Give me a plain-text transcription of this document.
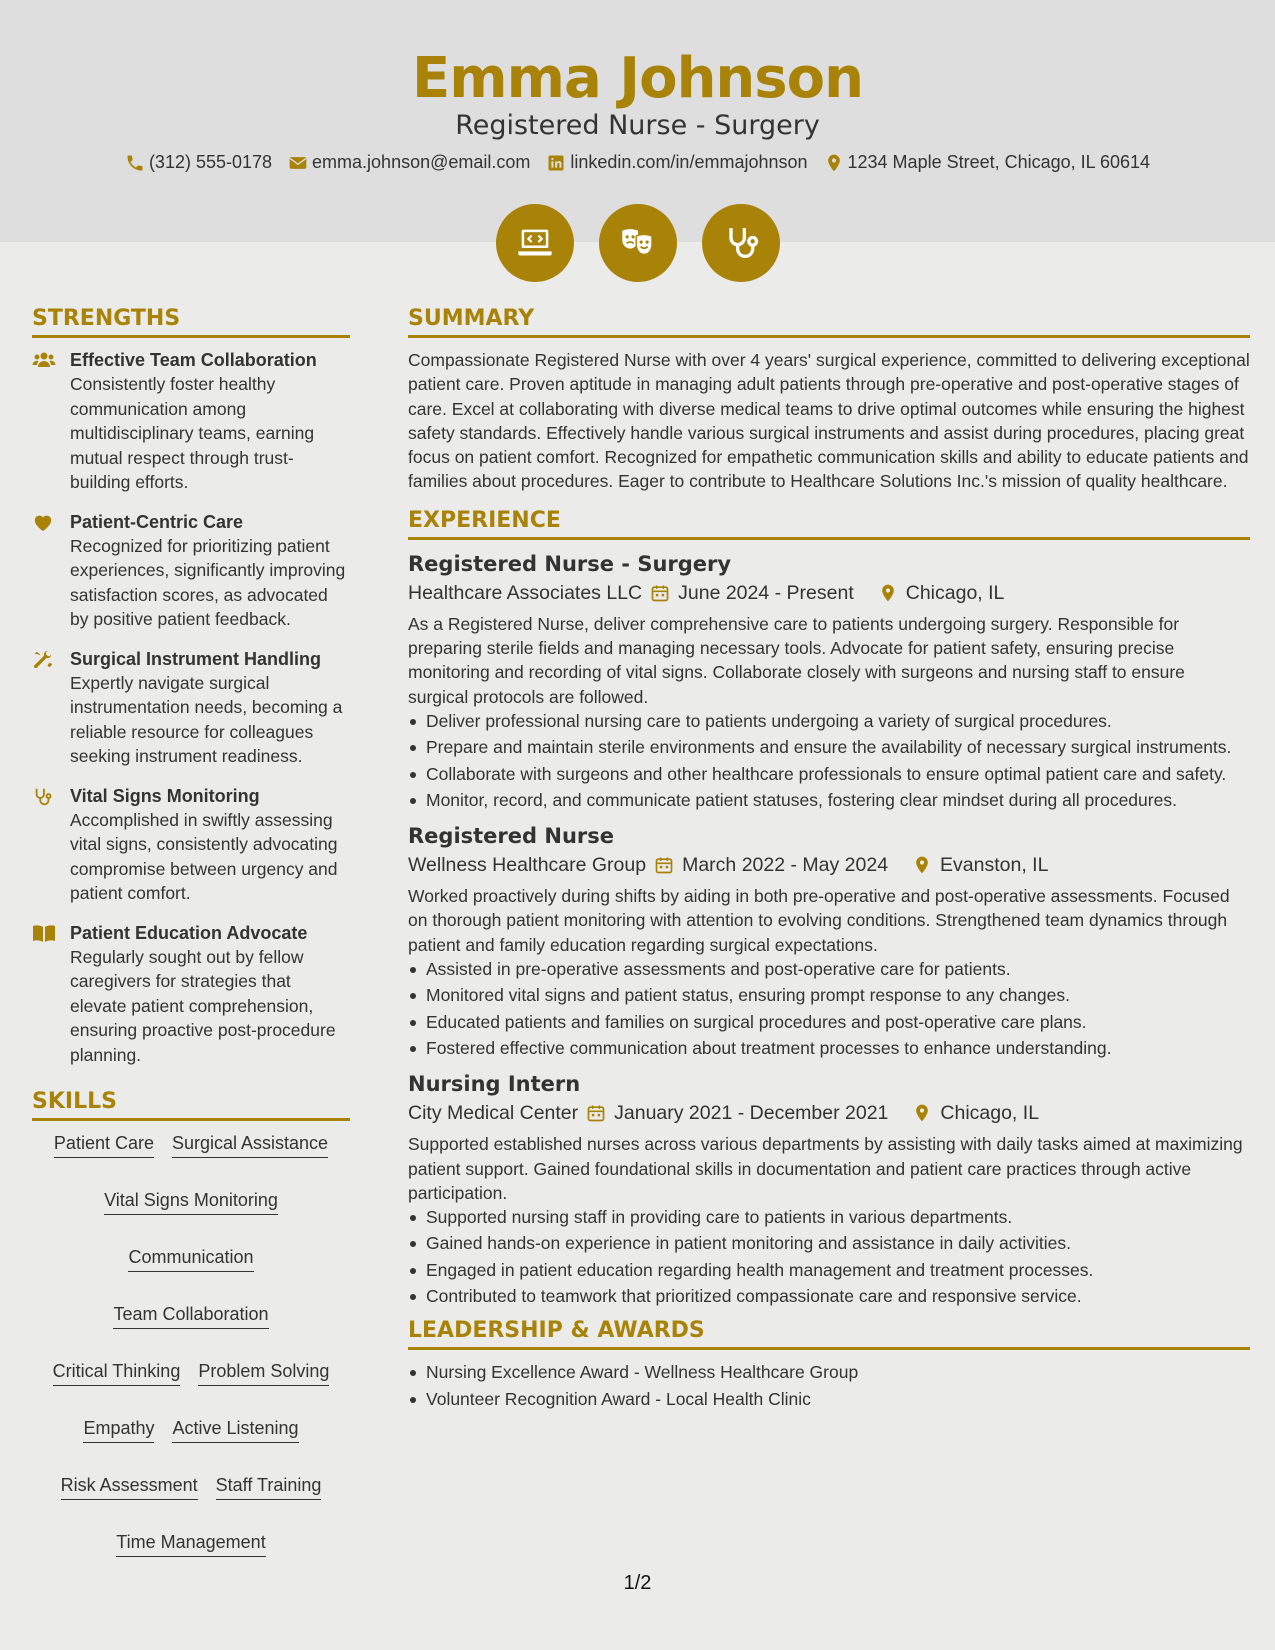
Emma Johnson
Registered Nurse - Surgery
(312) 555-0178 emma.johnson@email.com linkedin.com/in/emmajohnson 1234 Maple Street, Chicago, IL 60614
STRENGTHS
Effective Team Collaboration
Consistently foster healthy communication among multidisciplinary teams, earning mutual respect through trust-building efforts.
Patient-Centric Care
Recognized for prioritizing patient experiences, significantly improving satisfaction scores, as advocated by positive patient feedback.
Surgical Instrument Handling
Expertly navigate surgical instrumentation needs, becoming a reliable resource for colleagues seeking instrument readiness.
Vital Signs Monitoring
Accomplished in swiftly assessing vital signs, consistently advocating compromise between urgency and patient comfort.
Patient Education Advocate
Regularly sought out by fellow caregivers for strategies that elevate patient comprehension, ensuring proactive post-procedure planning.
SKILLS
Patient Care Surgical Assistance
Vital Signs Monitoring
Communication
Team Collaboration
Critical Thinking Problem Solving
Empathy Active Listening
Risk Assessment Staff Training
Time Management
SUMMARY

Compassionate Registered Nurse with over 4 years' surgical experience, committed to delivering exceptional patient care. Proven aptitude in managing adult patients through pre-operative and post-operative stages of care. Excel at collaborating with diverse medical teams to drive optimal outcomes while ensuring the highest safety standards. Effectively handle various surgical instruments and assist during procedures, placing great focus on patient comfort. Recognized for empathetic communication skills and ability to educate patients and families about procedures. Eager to contribute to Healthcare Solutions Inc.'s mission of quality healthcare.

EXPERIENCE
Registered Nurse - Surgery
Healthcare Associates LLC June 2024 - Present	Chicago, IL

As a Registered Nurse, deliver comprehensive care to patients undergoing surgery. Responsible for preparing sterile fields and managing necessary tools. Advocate for patient safety, ensuring precise monitoring and recording of vital signs. Collaborate closely with surgeons and nursing staff to ensure surgical protocols are followed.

Deliver professional nursing care to patients undergoing a variety of surgical procedures.
Prepare and maintain sterile environments and ensure the availability of necessary surgical instruments.
Collaborate with surgeons and other healthcare professionals to ensure optimal patient care and safety.
Monitor, record, and communicate patient statuses, fostering clear mindset during all procedures.
Registered Nurse
Wellness Healthcare Group March 2022 - May 2024	Evanston, IL

Worked proactively during shifts by aiding in both pre-operative and post-operative assessments. Focused on thorough patient monitoring with attention to evolving conditions. Strengthened team dynamics through patient and family education regarding surgical expectations.

Assisted in pre-operative assessments and post-operative care for patients.
Monitored vital signs and patient status, ensuring prompt response to any changes.
Educated patients and families on surgical procedures and post-operative care plans.
Fostered effective communication about treatment processes to enhance understanding.
Nursing Intern
City Medical Center January 2021 - December 2021	Chicago, IL

Supported established nurses across various departments by assisting with daily tasks aimed at maximizing patient support. Gained foundational skills in documentation and patient care practices through active participation.

Supported nursing staff in providing care to patients in various departments.
Gained hands-on experience in patient monitoring and assistance in daily activities.
Engaged in patient education regarding health management and treatment processes.
Contributed to teamwork that prioritized compassionate care and responsive service.
LEADERSHIP & AWARDS
Nursing Excellence Award - Wellness Healthcare Group
Volunteer Recognition Award - Local Health Clinic
1/2
